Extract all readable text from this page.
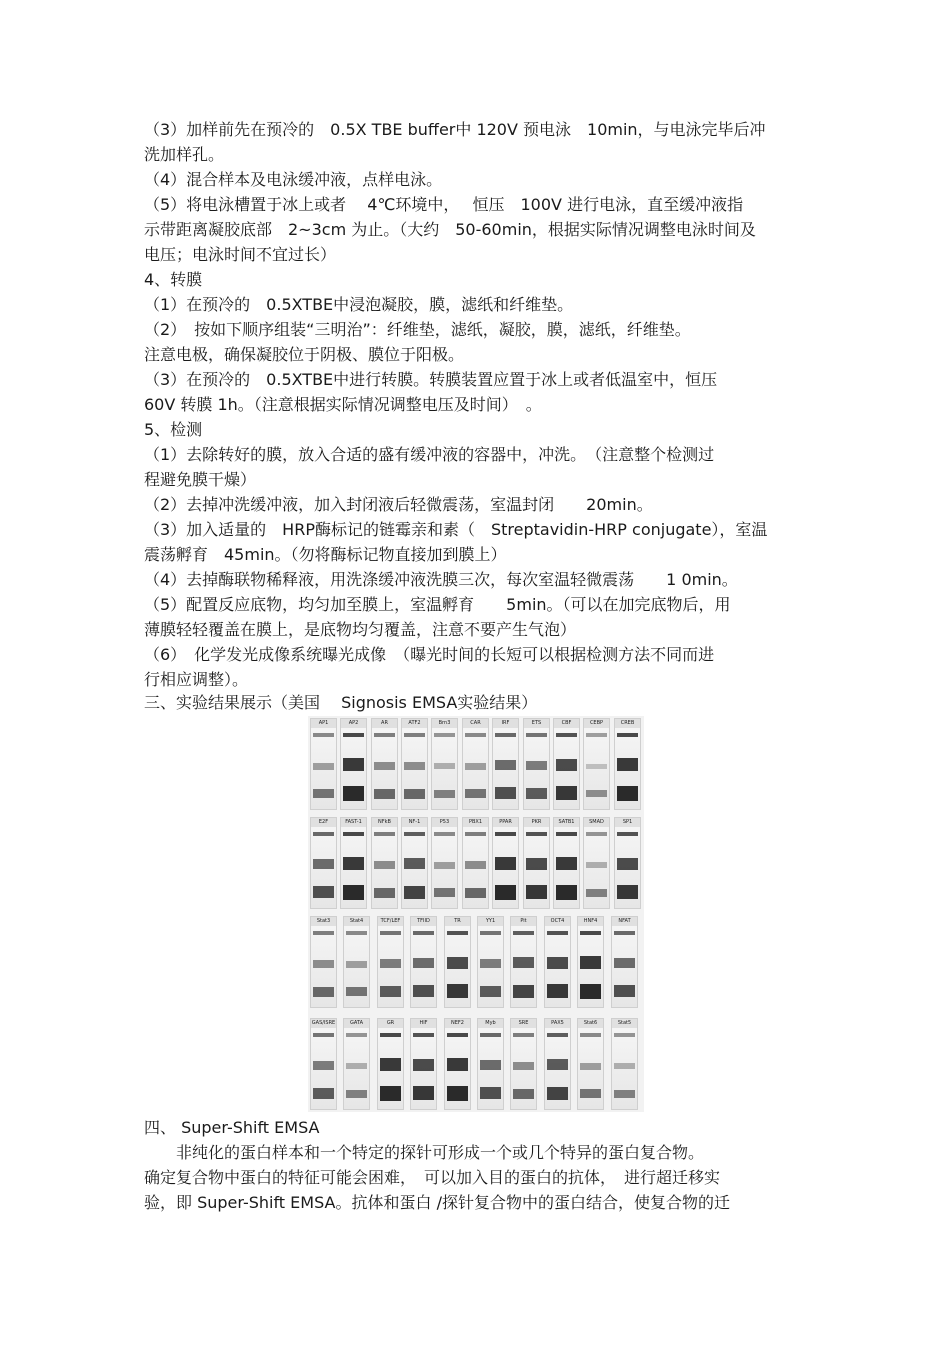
（3）加样前先在预冷的　0.5X TBE buffer中 120V 预电泳　10min，与电泳完毕后冲
洗加样孔。
（4）混合样本及电泳缓冲液，点样电泳。
（5）将电泳槽置于冰上或者　 4℃环境中，　 恒压　100V 进行电泳，直至缓冲液指
示带距离凝胶底部　2~3cm 为止。（大约　50-60min，根据实际情况调整电泳时间及
电压；电泳时间不宜过长）
4、转膜
（1）在预冷的　0.5XTBE中浸泡凝胶，膜，滤纸和纤维垫。
（2）　按如下顺序组装“三明治”：纤维垫，滤纸，凝胶，膜，滤纸，纤维垫。
注意电极，确保凝胶位于阴极、膜位于阳极。
（3）在预冷的　0.5XTBE中进行转膜。转膜装置应置于冰上或者低温室中，恒压
60V 转膜 1h。（注意根据实际情况调整电压及时间）　。
5、检测
（1）去除转好的膜，放入合适的盛有缓冲液的容器中，冲洗。　（注意整个检测过
程避免膜干燥）
（2）去掉冲洗缓冲液，加入封闭液后轻微震荡，室温封闭　　20min。
（3）加入适量的　HRP酶标记的链霉亲和素（　Streptavidin-HRP conjugate），室温
震荡孵育　45min。（勿将酶标记物直接加到膜上）
（4）去掉酶联物稀释液，用洗涤缓冲液洗膜三次，每次室温轻微震荡　　1 0min。
（5）配置反应底物，均匀加至膜上，室温孵育　　5min。（可以在加完底物后，用
薄膜轻轻覆盖在膜上，是底物均匀覆盖，注意不要产生气泡）
（6）　化学发光成像系统曝光成像　（曝光时间的长短可以根据检测方法不同而进
行相应调整）。
三、实验结果展示（美国　 Signosis EMSA实验结果）
AP1	AP2	AR	ATF2	Brn3	CAR	IRF	ETS	CBF	CEBP	CREB
E2F	FAST-1	NFkB	NF-1	P53	PBX1	PPAR	PKR	SATB1	SMAD	SP1
Stat3	Stat4	TCF/LEF	TFIID	TR	YY1	Pit	OCT4	HNF4	NFAT
GAS/ISRE	GATA	GR	HIF	NEF2	Myb	SRE	PAX5	Stat6	Stat5
四、 Super-Shift EMSA
　　非纯化的蛋白样本和一个特定的探针可形成一个或几个特异的蛋白复合物。
确定复合物中蛋白的特征可能会困难，　可以加入目的蛋白的抗体，　进行超迁移实
验，即 Super-Shift EMSA。抗体和蛋白 /探针复合物中的蛋白结合，使复合物的迁
